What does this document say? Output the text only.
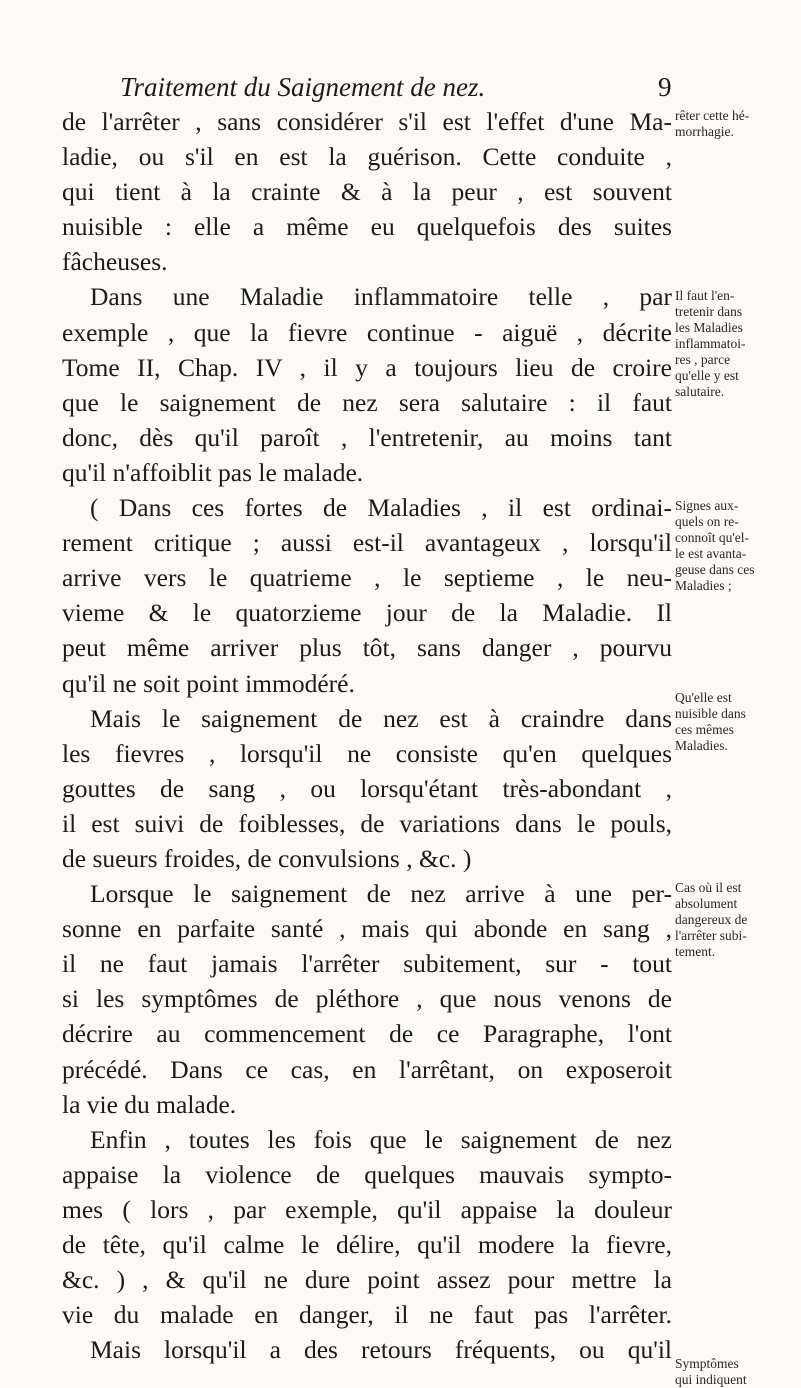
Traitement du Saignement de nez.	9
de l'arrêter , sans considérer s'il est l'effet d'une Ma-
ladie, ou s'il en est la guérison. Cette conduite ,
qui tient à la crainte & à la peur , est souvent
nuisible : elle a même eu quelquefois des suites
fâcheuses.
Dans une Maladie inflammatoire telle , par
exemple , que la fievre continue - aiguë , décrite
Tome II, Chap. IV , il y a toujours lieu de croire
que le saignement de nez sera salutaire : il faut
donc, dès qu'il paroît , l'entretenir, au moins tant
qu'il n'affoiblit pas le malade.
( Dans ces fortes de Maladies , il est ordinai-
rement critique ; aussi est-il avantageux , lorsqu'il
arrive vers le quatrieme , le septieme , le neu-
vieme & le quatorzieme jour de la Maladie. Il
peut même arriver plus tôt, sans danger , pourvu
qu'il ne soit point immodéré.
Mais le saignement de nez est à craindre dans
les fievres , lorsqu'il ne consiste qu'en quelques
gouttes de sang , ou lorsqu'étant très-abondant ,
il est suivi de foiblesses, de variations dans le pouls,
de sueurs froides, de convulsions , &c. )
Lorsque le saignement de nez arrive à une per-
sonne en parfaite santé , mais qui abonde en sang ,
il ne faut jamais l'arrêter subitement, sur - tout
si les symptômes de pléthore , que nous venons de
décrire au commencement de ce Paragraphe, l'ont
précédé. Dans ce cas, en l'arrêtant, on exposeroit
la vie du malade.
Enfin , toutes les fois que le saignement de nez
appaise la violence de quelques mauvais sympto-
mes ( lors , par exemple, qu'il appaise la douleur
de tête, qu'il calme le délire, qu'il modere la fievre,
&c. ) , & qu'il ne dure point assez pour mettre la
vie du malade en danger, il ne faut pas l'arrêter.
Mais lorsqu'il a des retours fréquents, ou qu'il
rêter cette hé-
morrhagie.
Il faut l'en-
tretenir dans
les Maladies
inflammatoi-
res , parce
qu'elle y est
salutaire.
Signes aux-
quels on re-
connoît qu'el-
le est avanta-
geuse dans ces
Maladies ;
Qu'elle est
nuisible dans
ces mêmes
Maladies.
Cas où il est
absolument
dangereux de
l'arrêter subi-
tement.
Symptômes
qui indiquent
